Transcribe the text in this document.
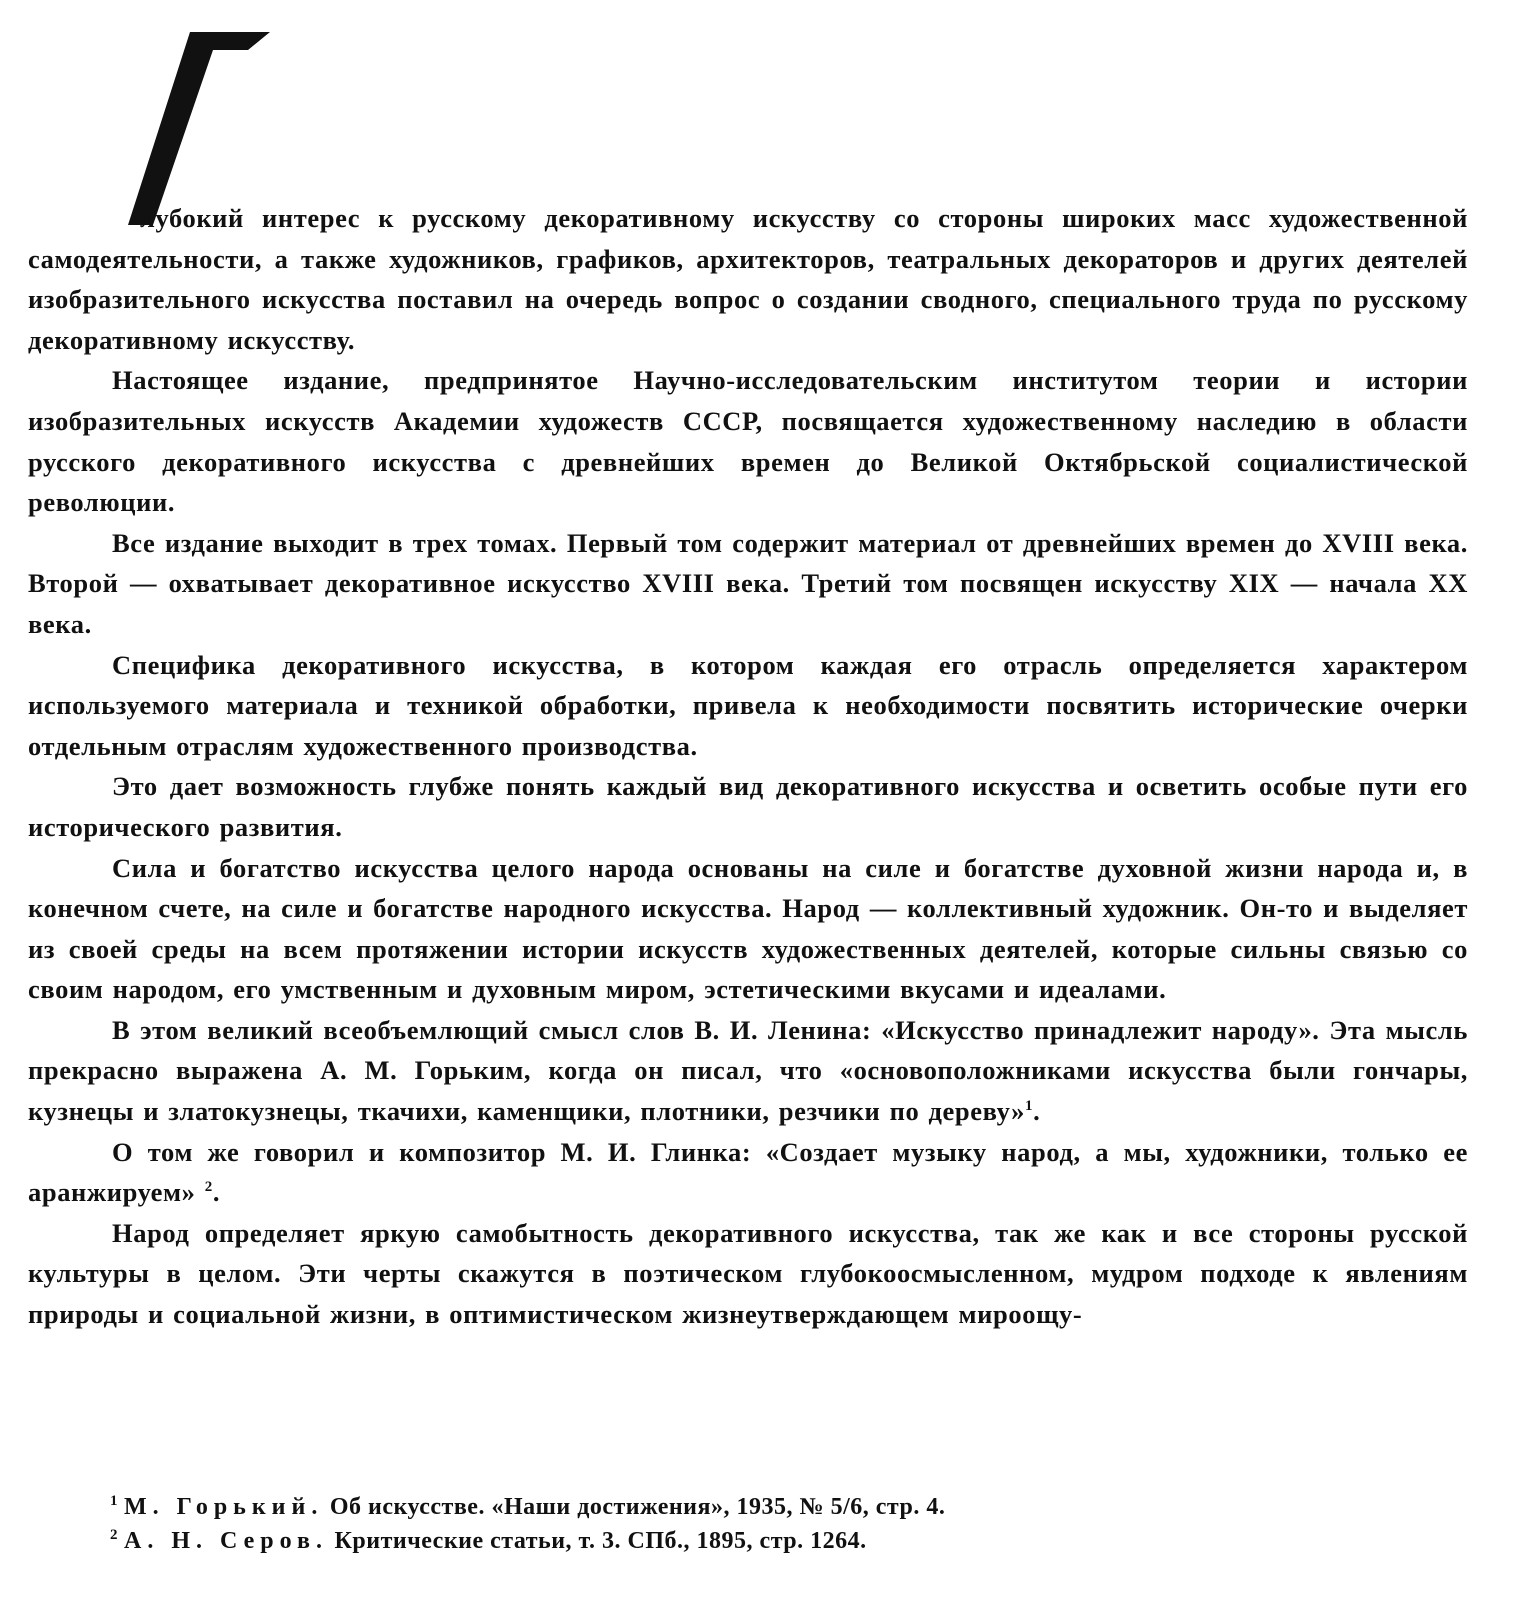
лубокий интерес к русскому декоративному искусству со стороны широких масс художественной самодеятельности, а также художников, графиков, архитекторов, театральных декораторов и других деятелей изобразительного искусства поставил на очередь вопрос о создании сводного, специального труда по русскому декоративному искусству.

Настоящее издание, предпринятое Научно-исследовательским институтом теории и истории изобразительных искусств Академии художеств СССР, посвящается художественному наследию в области русского декоративного искусства с древнейших времен до Великой Октябрьской социалистической революции.

Все издание выходит в трех томах. Первый том содержит материал от древнейших времен до XVIII века. Второй — охватывает декоративное искусство XVIII века. Третий том посвящен искусству XIX — начала XX века.

Специфика декоративного искусства, в котором каждая его отрасль определяется характером используемого материала и техникой обработки, привела к необходимости посвятить исторические очерки отдельным отраслям художественного производства.

Это дает возможность глубже понять каждый вид декоративного искусства и осветить особые пути его исторического развития.

Сила и богатство искусства целого народа основаны на силе и богатстве духовной жизни народа и, в конечном счете, на силе и богатстве народного искусства. Народ — коллективный художник. Он-то и выделяет из своей среды на всем протяжении истории искусств художественных деятелей, которые сильны связью со своим народом, его умственным и духовным миром, эстетическими вкусами и идеалами.

В этом великий всеобъемлющий смысл слов В. И. Ленина: «Искусство принадлежит народу». Эта мысль прекрасно выражена А. М. Горьким, когда он писал, что «основоположниками искусства были гончары, кузнецы и златокузнецы, ткачихи, каменщики, плотники, резчики по дереву»$^1$.

О том же говорил и композитор М. И. Глинка: «Создает музыку народ, а мы, художники, только ее аранжируем» $^2$.

Народ определяет яркую самобытность декоративного искусства, так же как и все стороны русской культуры в целом. Эти черты скажутся в поэтическом глубокоосмысленном, мудром подходе к явлениям природы и социальной жизни, в оптимистическом жизнеутверждающем мироощу-

$^1$ М. Горький. Об искусстве. «Наши достижения», 1935, № 5/6, стр. 4.

$^2$ А. Н. Серов. Критические статьи, т. 3. СПб., 1895, стр. 1264.
